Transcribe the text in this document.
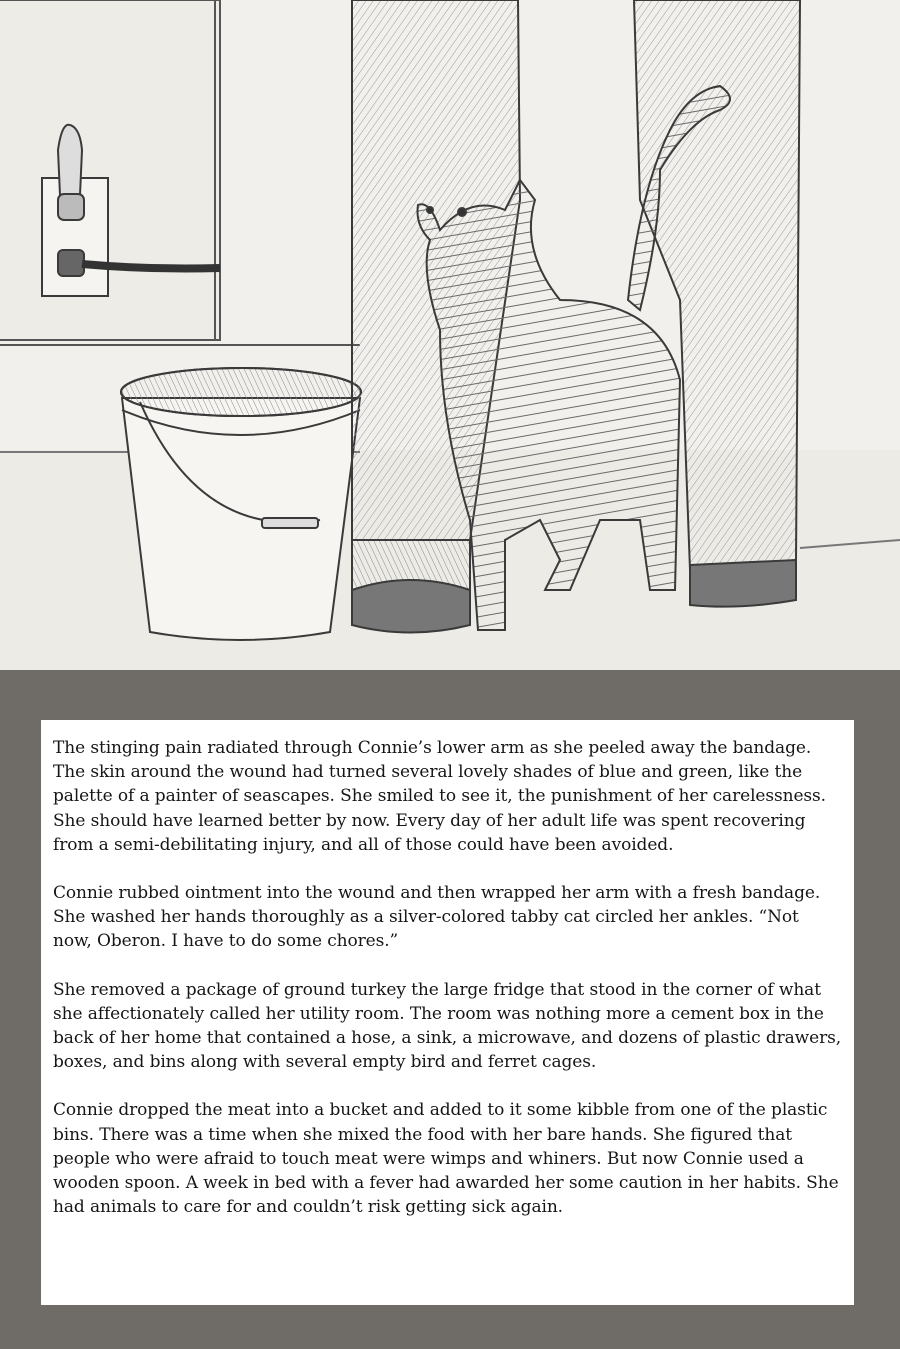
The stinging pain radiated through Connie’s lower arm as she peeled away the bandage. The skin around the wound had turned several lovely shades of blue and green, like the palette of a painter of seascapes. She smiled to see it, the punishment of her carelessness. She should have learned better by now. Every day of her adult life was spent recovering from a semi-debilitating injury, and all of those could have been avoided.

Connie rubbed ointment into the wound and then wrapped her arm with a fresh bandage. She washed her hands thoroughly as a silver-colored tabby cat circled her ankles. “Not now, Oberon. I have to do some chores.”

She removed a package of ground turkey the large fridge that stood in the corner of what she affectionately called her utility room. The room was nothing more a cement box in the back of her home that contained a hose, a sink, a microwave, and dozens of plastic drawers, boxes, and bins along with several empty bird and ferret cages.

Connie dropped the meat into a bucket and added to it some kibble from one of the plastic bins. There was a time when she mixed the food with her bare hands. She figured that people who were afraid to touch meat were wimps and whiners. But now Connie used a wooden spoon. A week in bed with a fever had awarded her some caution in her habits. She had animals to care for and couldn’t risk getting sick again.
